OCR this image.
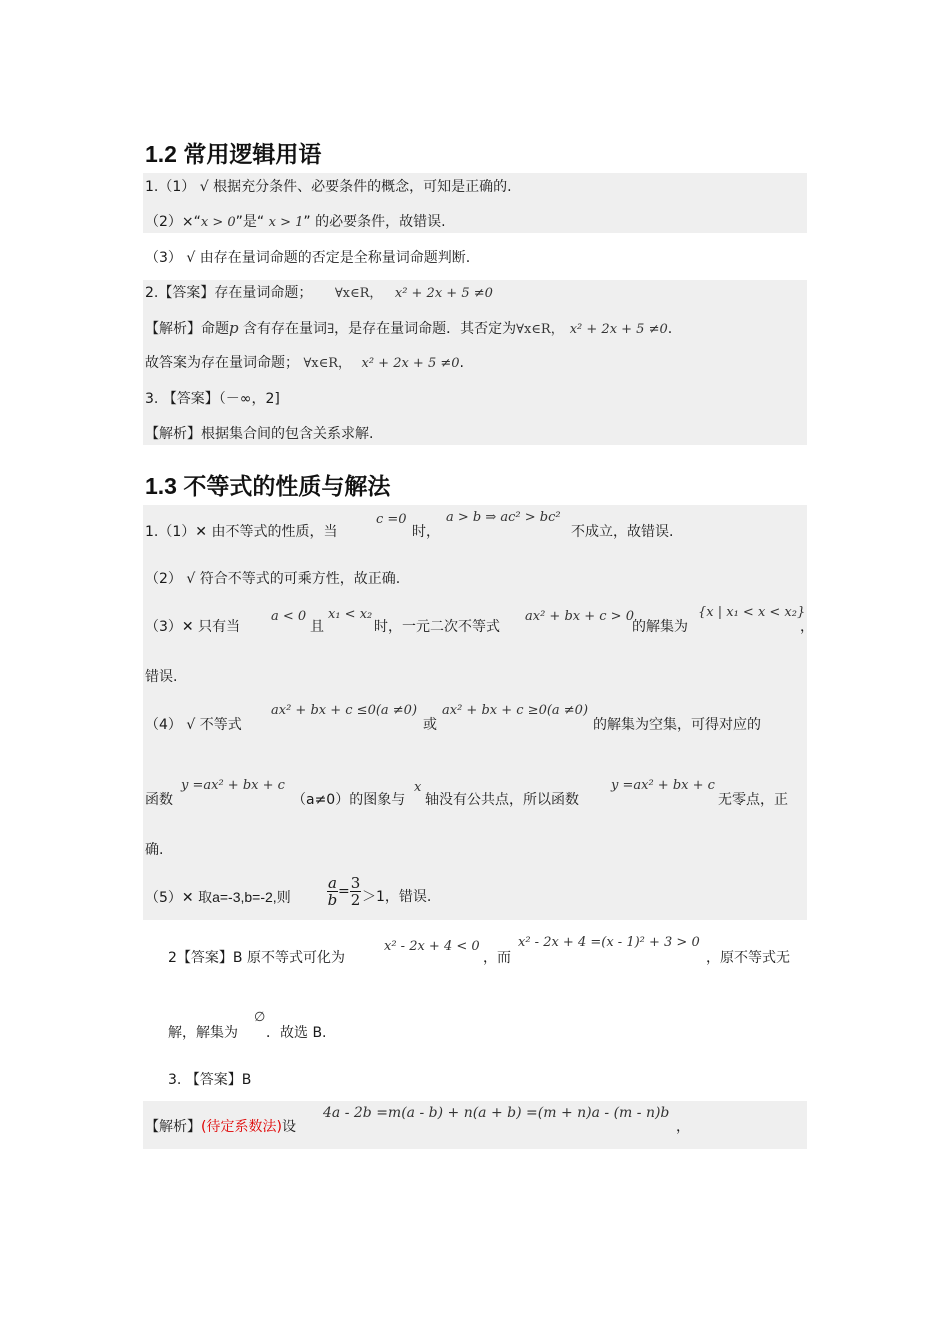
1.2 常用逻辑用语
1.（1） √ 根据充分条件、必要条件的概念，可知是正确的.
（2）×“x > 0”是“ x > 1” 的必要条件，故错误.
（3） √ 由存在量词命题的否定是全称量词命题判断.
2.【答案】存在量词命题； ∀x∈R， x² + 2x + 5 ≠0
【解析】命题p 含有存在量词∃，是存在量词命题．其否定为∀x∈R， x² + 2x + 5 ≠0.
故答案为存在量词命题； ∀x∈R， x² + 2x + 5 ≠0.
3. 【答案】（－∞，2]
【解析】根据集合间的包含关系求解.
1.3 不等式的性质与解法
1.（1）✕ 由不等式的性质，当
c =0
时，
a > b ⇒ ac² > bc²
不成立，故错误.
（2） √ 符合不等式的可乘方性，故正确.
（3）✕ 只有当
a < 0
且
x₁ < x₂
时，一元二次不等式
ax² + bx + c > 0
的解集为
{x | x₁ < x < x₂}
，
错误.
（4） √ 不等式
ax² + bx + c ≤0(a ≠0)
或
ax² + bx + c ≥0(a ≠0)
的解集为空集，可得对应的
函数
y =ax² + bx + c
（a≠0）的图象与
x
轴没有公共点，所以函数
y =ax² + bx + c
无零点，正
确.
（5）✕ 取a=-3,b=-2,则 $\frac{a}{b} = \frac{3}{2} >1$，错误.
2【答案】B 原不等式可化为
x² - 2x + 4 < 0
，而
x² - 2x + 4 =(x - 1)² + 3 > 0
，原不等式无
∅
解，解集为 ．故选 B.
3. 【答案】B
【解析】(待定系数法)设
4a - 2b =m(a - b) + n(a + b) =(m + n)a - (m - n)b
，
